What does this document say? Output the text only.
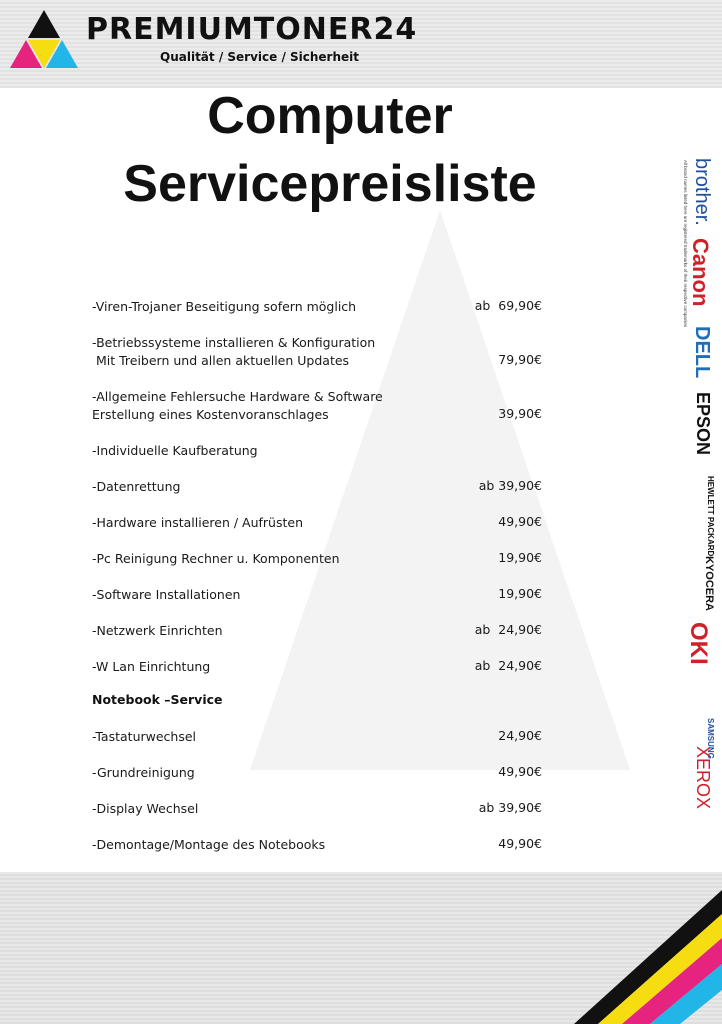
PREMIUMTONER24
Qualität / Service / Sicherheit
Computer
Servicepreisliste
-Viren-Trojaner Beseitigung sofern möglich	ab  69,90€
-Betriebssysteme installieren & Konfiguration
Mit Treibern und allen aktuellen Updates	79,90€
-Allgemeine Fehlersuche Hardware & Software
Erstellung eines Kostenvoranschlages	39,90€
-Individuelle Kaufberatung
-Datenrettung	ab 39,90€
-Hardware installieren / Aufrüsten	49,90€
-Pc Reinigung Rechner u. Komponenten	19,90€
-Software Installationen	19,90€
-Netzwerk Einrichten	ab  24,90€
-W Lan Einrichtung	ab  24,90€
Notebook –Service
-Tastaturwechsel	24,90€
-Grundreinigung	49,90€
-Display Wechsel	ab 39,90€
-Demontage/Montage des Notebooks	49,90€
All brand names listed here are registered trademarks of their respective companies brother.
Canon
DELL
EPSON
HEWLETT PACKARD
KYOCERA
OKI
SAMSUNG
XEROX
